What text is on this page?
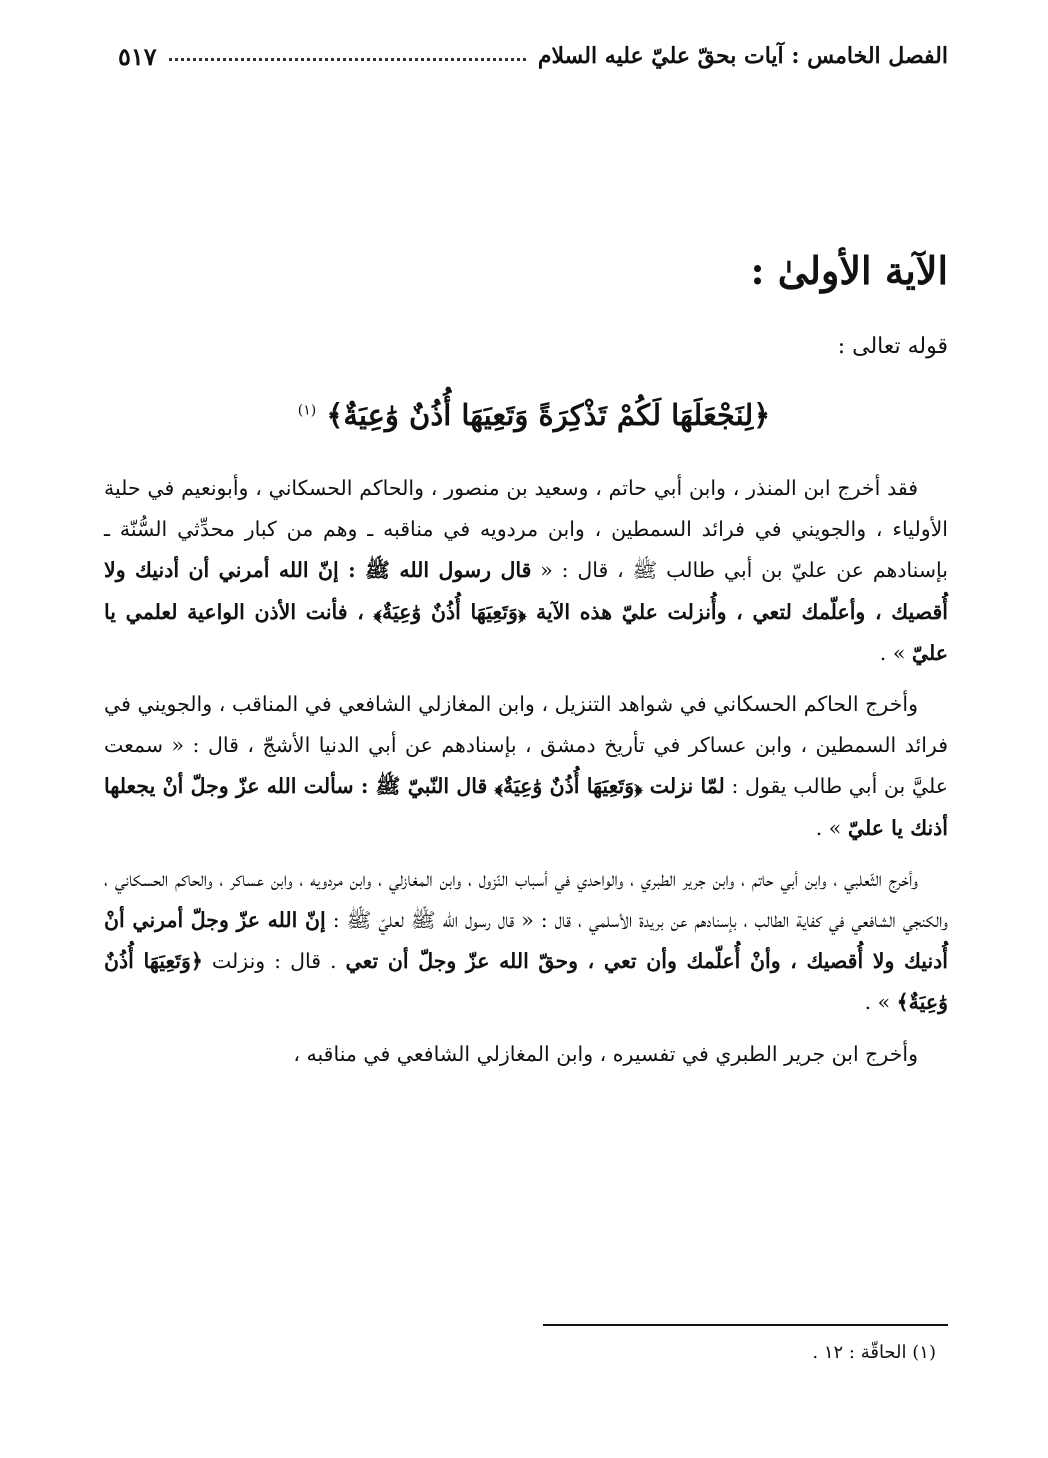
الفصل الخامس : آيات بحقّ عليّ عليه السلام
٥١٧
الآية الأولىٰ :
قوله تعالى :
﴿لِنَجْعَلَهَا لَكُمْ تَذْكِرَةً وَتَعِيَهَا أُذُنٌ وَٰعِيَةٌ﴾ $^{(١)}$

فقد أخرج ابن المنذر ، وابن أبي حاتم ، وسعيد بن منصور ، والحاكم الحسكاني ، وأبونعيم في حلية الأولياء ، والجويني في فرائد السمطين ، وابن مردويه في مناقبه ـ وهم من كبار محدِّثي السُّنّة ـ بإسنادهم عن عليّ بن أبي طالب ﷺ ، قال : « قال رسول الله ﷺ : إنّ الله أمرني أن أدنيك ولا أُقصيك ، وأعلّمك لتعي ، وأُنزلت عليّ هذه الآية ﴿وَتَعِيَهَا أُذُنٌ وَٰعِيَةٌ﴾ ، فأنت الأذن الواعية لعلمي يا عليّ » .

وأخرج الحاكم الحسكاني في شواهد التنزيل ، وابن المغازلي الشافعي في المناقب ، والجويني في فرائد السمطين ، وابن عساكر في تأريخ دمشق ، بإسنادهم عن أبي الدنيا الأشجّ ، قال : « سمعت عليَّ بن أبي طالب يقول : لمّا نزلت ﴿وَتَعِيَهَا أُذُنٌ وَٰعِيَةٌ﴾ قال النّبيّ ﷺ : سألت الله عزّ وجلّ أنْ يجعلها أذنك يا عليّ » .

وأخرج الثّعلبي ، وابن أبي حاتم ، وابن جرير الطبري ، والواحدي في أسباب النّزول ، وابن المغازلي ، وابن مردويه ، وابن عساكر ، والحاكم الحسكاني ، والكنجي الشافعي في كفاية الطالب ، بإسنادهم عن بريدة الأسلمي ، قال : « قال رسول الله ﷺ لعليّ ﷺ : إنّ الله عزّ وجلّ أمرني أنْ أُدنيك ولا أُقصيك ، وأنْ أُعلّمك وأن تعي ، وحقّ الله عزّ وجلّ أن تعي . قال : ونزلت ﴿وَتَعِيَهَا أُذُنٌ وَٰعِيَةٌ﴾ » .

وأخرج ابن جرير الطبري في تفسيره ، وابن المغازلي الشافعي في مناقبه ،

(١) الحاقّة : ١٢ .
